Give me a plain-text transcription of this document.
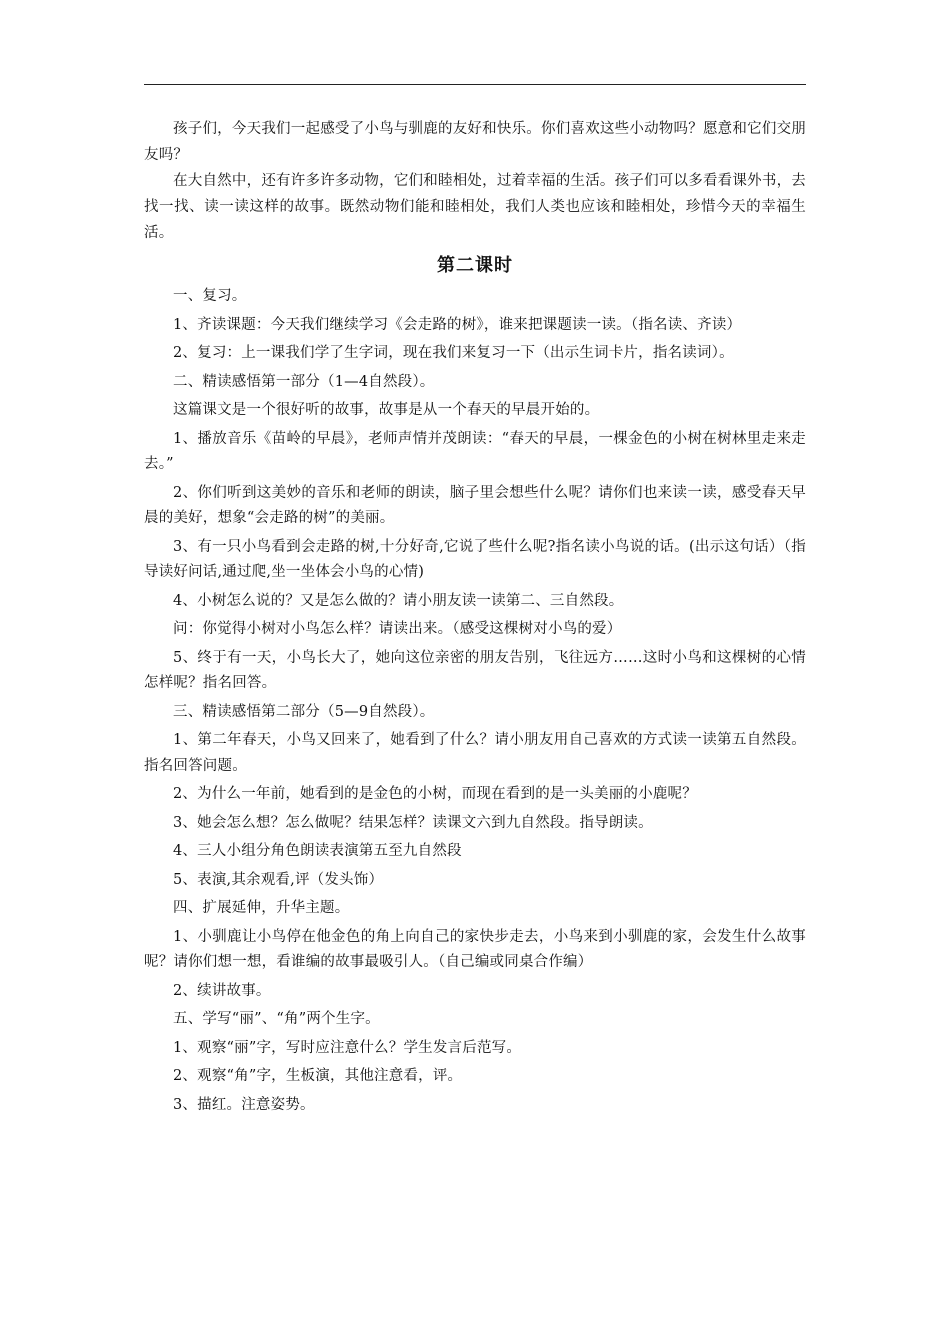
孩子们，今天我们一起感受了小鸟与驯鹿的友好和快乐。你们喜欢这些小动物吗？愿意和它们交朋友吗？

在大自然中，还有许多许多动物，它们和睦相处，过着幸福的生活。孩子们可以多看看课外书，去找一找、读一读这样的故事。既然动物们能和睦相处，我们人类也应该和睦相处，珍惜今天的幸福生活。

第二课时

一、复习。

1、齐读课题：今天我们继续学习《会走路的树》，谁来把课题读一读。（指名读、齐读）

2、复习：上一课我们学了生字词，现在我们来复习一下（出示生词卡片，指名读词）。

二、精读感悟第一部分（1—4自然段）。

这篇课文是一个很好听的故事，故事是从一个春天的早晨开始的。

1、播放音乐《苗岭的早晨》，老师声情并茂朗读：“春天的早晨，一棵金色的小树在树林里走来走去。”

2、你们听到这美妙的音乐和老师的朗读，脑子里会想些什么呢？请你们也来读一读，感受春天早晨的美好，想象“会走路的树”的美丽。

3、有一只小鸟看到会走路的树,十分好奇,它说了些什么呢?指名读小鸟说的话。(出示这句话）（指导读好问话,通过爬,坐一坐体会小鸟的心情)

4、小树怎么说的？又是怎么做的？请小朋友读一读第二、三自然段。

问：你觉得小树对小鸟怎么样？请读出来。（感受这棵树对小鸟的爱）

5、终于有一天，小鸟长大了，她向这位亲密的朋友告别，飞往远方……这时小鸟和这棵树的心情怎样呢？指名回答。

三、精读感悟第二部分（5—9自然段）。

1、第二年春天，小鸟又回来了，她看到了什么？请小朋友用自己喜欢的方式读一读第五自然段。指名回答问题。

2、为什么一年前，她看到的是金色的小树，而现在看到的是一头美丽的小鹿呢？

3、她会怎么想？怎么做呢？结果怎样？读课文六到九自然段。指导朗读。

4、三人小组分角色朗读表演第五至九自然段

5、表演,其余观看,评（发头饰）

四、扩展延伸，升华主题。

1、小驯鹿让小鸟停在他金色的角上向自己的家快步走去，小鸟来到小驯鹿的家，会发生什么故事呢？请你们想一想，看谁编的故事最吸引人。（自己编或同桌合作编）

2、续讲故事。

五、学写“丽”、“角”两个生字。

1、观察“丽”字，写时应注意什么？学生发言后范写。

2、观察“角”字，生板演，其他注意看，评。

3、描红。注意姿势。
